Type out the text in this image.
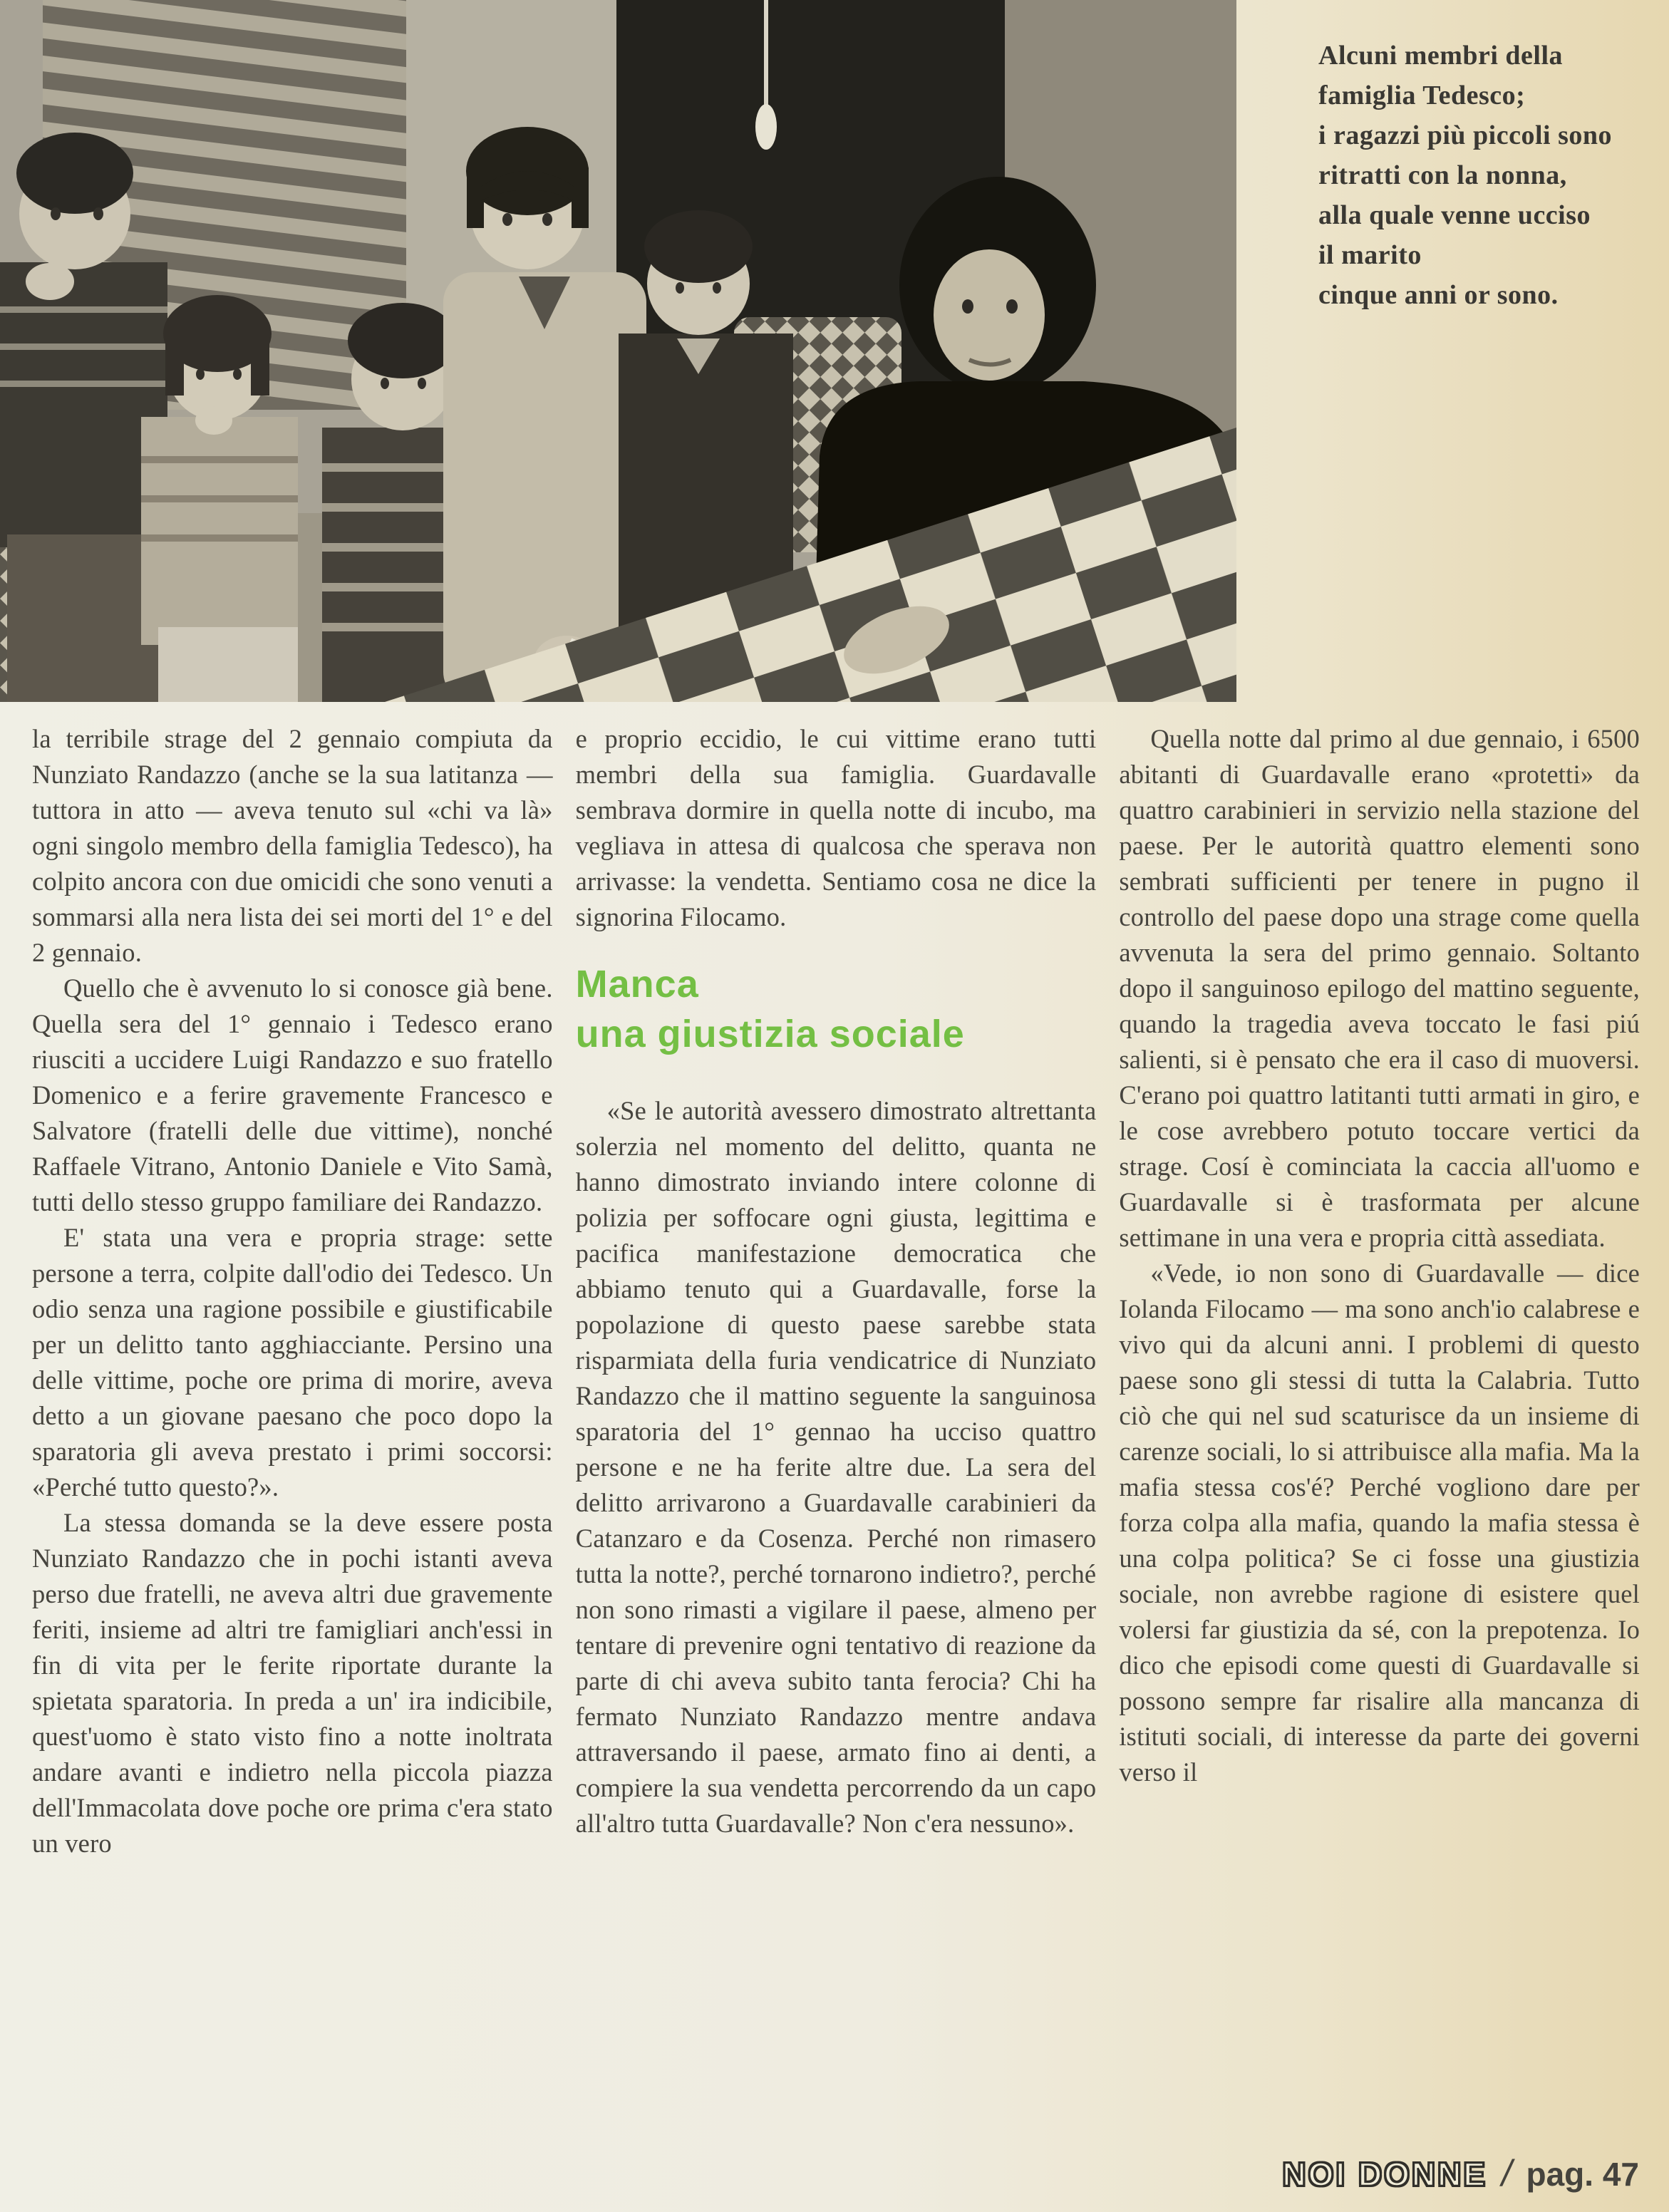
Alcuni membri della
famiglia Tedesco;
i ragazzi più piccoli sono
ritratti con la nonna,
alla quale venne ucciso
il marito
cinque anni or sono.

la terribile strage del 2 gennaio compiuta da Nunziato Randazzo (anche se la sua latitanza — tuttora in atto — aveva tenuto sul «chi va là» ogni singolo membro della famiglia Tedesco), ha colpito ancora con due omicidi che sono venuti a sommarsi alla nera lista dei sei morti del 1° e del 2 gennaio.

Quello che è avvenuto lo si conosce già bene. Quella sera del 1° gennaio i Tedesco erano riusciti a uccidere Luigi Randazzo e suo fratello Domenico e a ferire gravemente Francesco e Salvatore (fratelli delle due vittime), nonché Raffaele Vitrano, Antonio Daniele e Vito Samà, tutti dello stesso gruppo familiare dei Randazzo.

E' stata una vera e propria strage: sette persone a terra, colpite dall'odio dei Tedesco. Un odio senza una ragione possibile e giustificabile per un delitto tanto agghiacciante. Persino una delle vittime, poche ore prima di morire, aveva detto a un giovane paesano che poco dopo la sparatoria gli aveva prestato i primi soccorsi: «Perché tutto questo?».

La stessa domanda se la deve essere posta Nunziato Randazzo che in pochi istanti aveva perso due fratelli, ne aveva altri due gravemente feriti, insieme ad altri tre famigliari anch'essi in fin di vita per le ferite riportate durante la spietata sparatoria. In preda a un' ira indicibile, quest'uomo è stato visto fino a notte inoltrata andare avanti e indietro nella piccola piazza dell'Immacolata dove poche ore prima c'era stato un vero

e proprio eccidio, le cui vittime erano tutti membri della sua famiglia. Guardavalle sembrava dormire in quella notte di incubo, ma vegliava in attesa di qualcosa che sperava non arrivasse: la vendetta. Sentiamo cosa ne dice la signorina Filocamo.

Manca
una giustizia sociale

«Se le autorità avessero dimostrato altrettanta solerzia nel momento del delitto, quanta ne hanno dimostrato inviando intere colonne di polizia per soffocare ogni giusta, legittima e pacifica manifestazione democratica che abbiamo tenuto qui a Guardavalle, forse la popolazione di questo paese sarebbe stata risparmiata della furia vendicatrice di Nunziato Randazzo che il mattino seguente la sanguinosa sparatoria del 1° gennao ha ucciso quattro persone e ne ha ferite altre due. La sera del delitto arrivarono a Guardavalle carabinieri da Catanzaro e da Cosenza. Perché non rimasero tutta la notte?, perché tornarono indietro?, perché non sono rimasti a vigilare il paese, almeno per tentare di prevenire ogni tentativo di reazione da parte di chi aveva subito tanta ferocia? Chi ha fermato Nunziato Randazzo mentre andava attraversando il paese, armato fino ai denti, a compiere la sua vendetta percorrendo da un capo all'altro tutta Guardavalle? Non c'era nessuno».

Quella notte dal primo al due gennaio, i 6500 abitanti di Guardavalle erano «protetti» da quattro carabinieri in servizio nella stazione del paese. Per le autorità quattro elementi sono sembrati sufficienti per tenere in pugno il controllo del paese dopo una strage come quella avvenuta la sera del primo gennaio. Soltanto dopo il sanguinoso epilogo del mattino seguente, quando la tragedia aveva toccato le fasi piú salienti, si è pensato che era il caso di muoversi. C'erano poi quattro latitanti tutti armati in giro, e le cose avrebbero potuto toccare vertici da strage. Cosí è cominciata la caccia all'uomo e Guardavalle si è trasformata per alcune settimane in una vera e propria città assediata.

«Vede, io non sono di Guardavalle — dice Iolanda Filocamo — ma sono anch'io calabrese e vivo qui da alcuni anni. I problemi di questo paese sono gli stessi di tutta la Calabria. Tutto ciò che qui nel sud scaturisce da un insieme di carenze sociali, lo si attribuisce alla mafia. Ma la mafia stessa cos'é? Perché vogliono dare per forza colpa alla mafia, quando la mafia stessa è una colpa politica? Se ci fosse una giustizia sociale, non avrebbe ragione di esistere quel volersi far giustizia da sé, con la prepotenza. Io dico che episodi come questi di Guardavalle si possono sempre far risalire alla mancanza di istituti sociali, di interesse da parte dei governi verso il

NOI DONNE / pag. 47
